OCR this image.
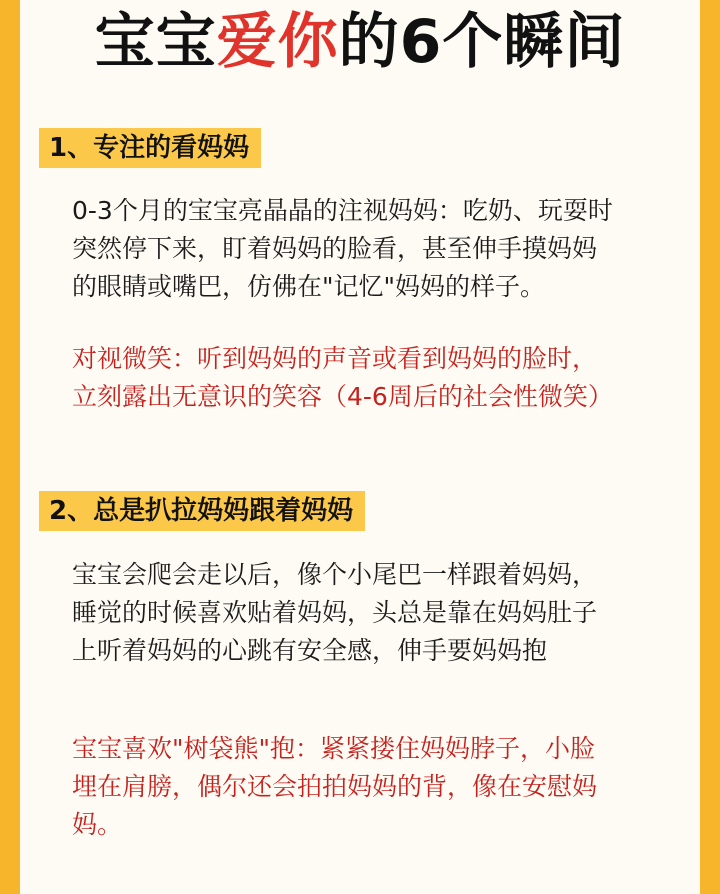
宝宝爱你的6个瞬间
1、专注的看妈妈
0-3个月的宝宝亮晶晶的注视妈妈：吃奶、玩耍时
突然停下来，盯着妈妈的脸看，甚至伸手摸妈妈
的眼睛或嘴巴，仿佛在"记忆"妈妈的样子。
对视微笑：听到妈妈的声音或看到妈妈的脸时，
立刻露出无意识的笑容（4-6周后的社会性微笑）
2、总是扒拉妈妈跟着妈妈
宝宝会爬会走以后，像个小尾巴一样跟着妈妈，
睡觉的时候喜欢贴着妈妈，头总是靠在妈妈肚子
上听着妈妈的心跳有安全感，伸手要妈妈抱
宝宝喜欢"树袋熊"抱：紧紧搂住妈妈脖子，小脸
埋在肩膀，偶尔还会拍拍妈妈的背，像在安慰妈
妈。
